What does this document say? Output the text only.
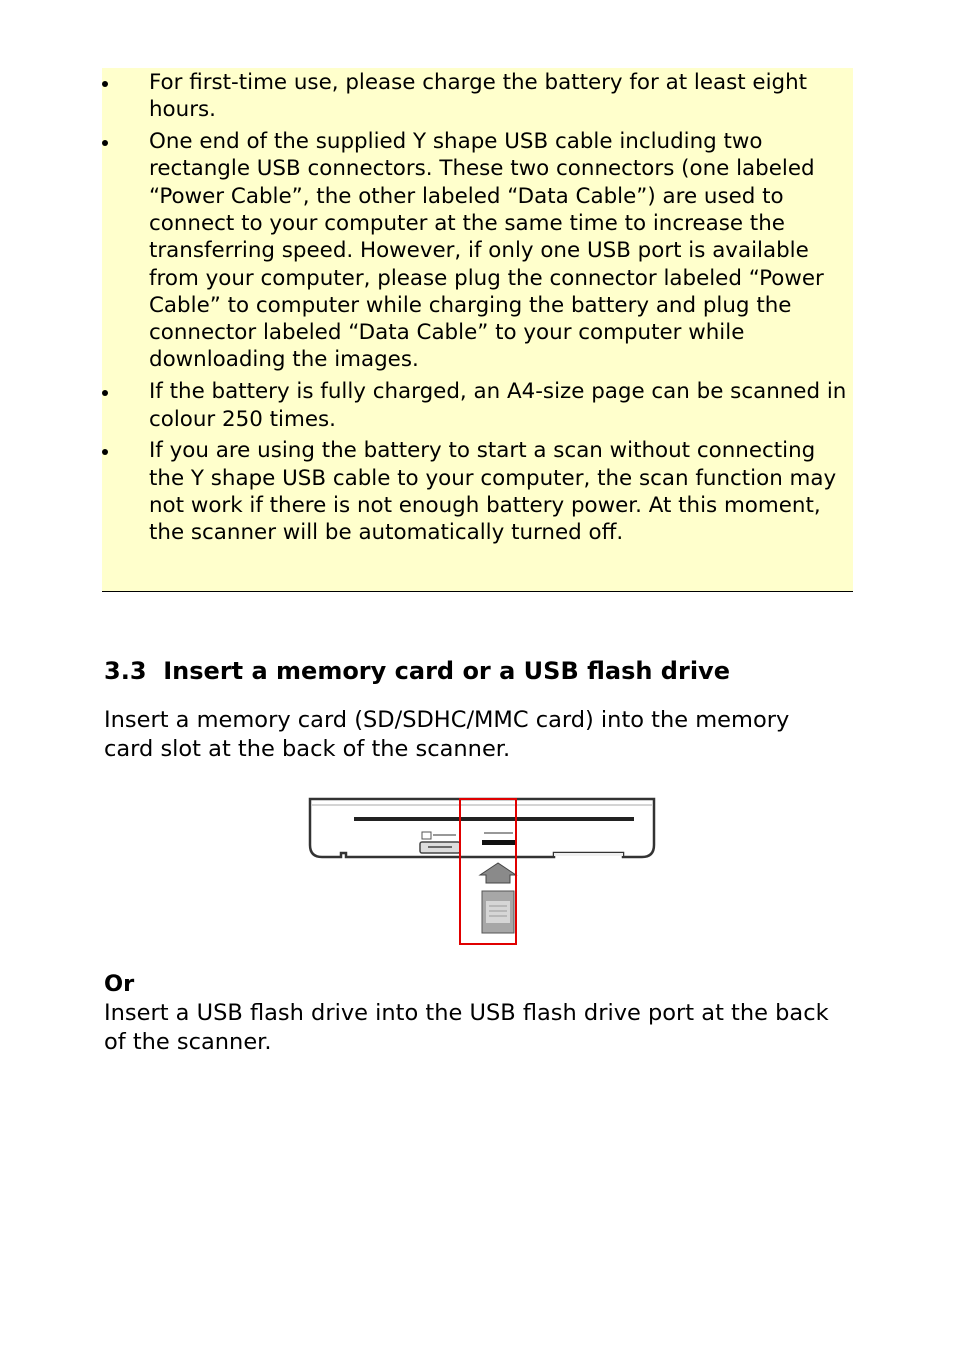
For first-time use, please charge the battery for at least eight hours.
One end of the supplied Y shape USB cable including two rectangle USB connectors. These two connectors (one labeled “Power Cable”, the other labeled “Data Cable”) are used to connect to your computer at the same time to increase the transferring speed. However, if only one USB port is available from your computer, please plug the connector labeled “Power Cable” to computer while charging the battery and plug the connector labeled “Data Cable” to your computer while downloading the images.
If the battery is fully charged, an A4-size page can be scanned in colour 250 times.
If you are using the battery to start a scan without connecting the Y shape USB cable to your computer, the scan function may not work if there is not enough battery power. At this moment, the scanner will be automatically turned off.
3.3 Insert a memory card or a USB flash drive

Insert a memory card (SD/SDHC/MMC card) into the memory card slot at the back of the scanner.

Or

Insert a USB flash drive into the USB flash drive port at the back of the scanner.
